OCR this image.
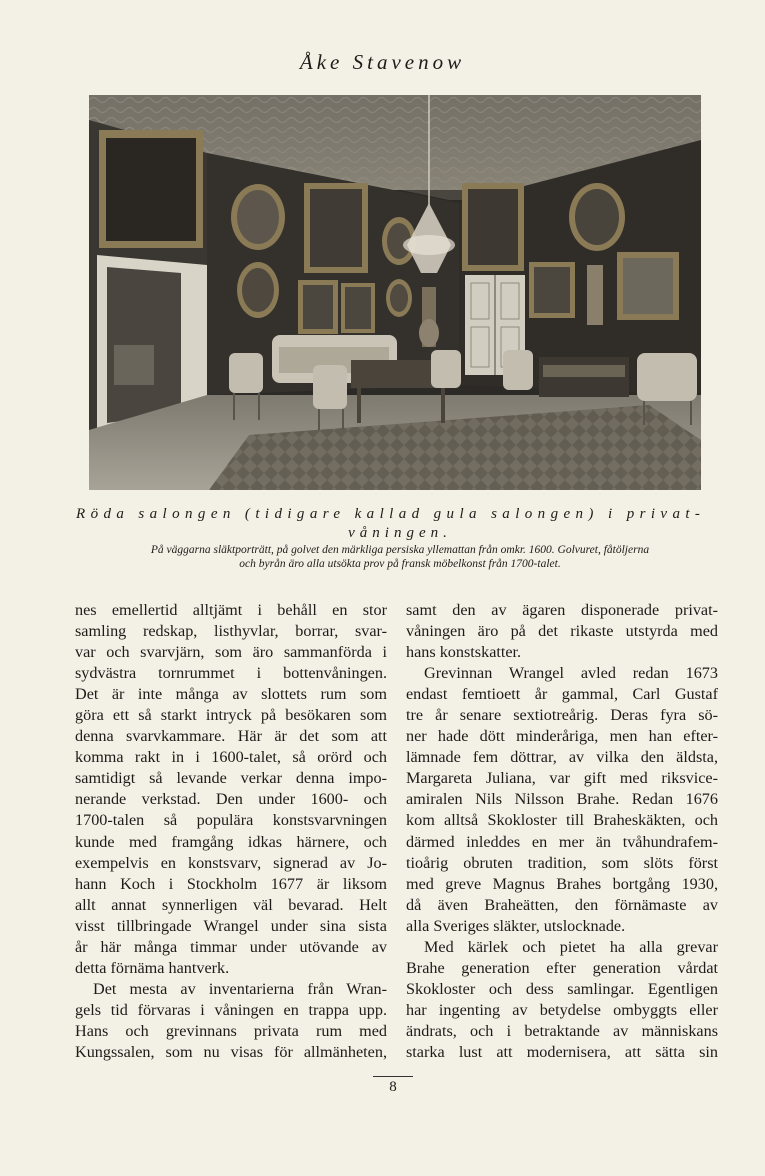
Åke Stavenow
Röda salongen (tidigare kallad gula salongen) i privat-
våningen.
På väggarna släktporträtt, på golvet den märkliga persiska yllemattan från omkr. 1600. Golvuret, fåtöljerna
och byrån äro alla utsökta prov på fransk möbelkonst från 1700-talet.
nes emellertid alltjämt i behåll en stor
samling redskap, listhyvlar, borrar, svar-
var och svarvjärn, som äro sammanförda i
sydvästra tornrummet i bottenvåningen.
Det är inte många av slottets rum som
göra ett så starkt intryck på besökaren som
denna svarvkammare. Här är det som att
komma rakt in i 1600-talet, så orörd och
samtidigt så levande verkar denna impo-
nerande verkstad. Den under 1600- och
1700-talen så populära konstsvarvningen
kunde med framgång idkas härnere, och
exempelvis en konstsvarv, signerad av Jo-
hann Koch i Stockholm 1677 är liksom
allt annat synnerligen väl bevarad. Helt
visst tillbringade Wrangel under sina sista
år här många timmar under utövande av
detta förnäma hantverk.
Det mesta av inventarierna från Wran-
gels tid förvaras i våningen en trappa upp.
Hans och grevinnans privata rum med
Kungssalen, som nu visas för allmänheten,
samt den av ägaren disponerade privat-
våningen äro på det rikaste utstyrda med
hans konstskatter.
Grevinnan Wrangel avled redan 1673
endast femtioett år gammal, Carl Gustaf
tre år senare sextiotreårig. Deras fyra sö-
ner hade dött minderåriga, men han efter-
lämnade fem döttrar, av vilka den äldsta,
Margareta Juliana, var gift med riksvice-
amiralen Nils Nilsson Brahe. Redan 1676
kom alltså Skokloster till Braheskäkten, och
därmed inleddes en mer än tvåhundrafem-
tioårig obruten tradition, som slöts först
med greve Magnus Brahes bortgång 1930,
då även Braheätten, den förnämaste av
alla Sveriges släkter, utslocknade.
Med kärlek och pietet ha alla grevar
Brahe generation efter generation vårdat
Skokloster och dess samlingar. Egentligen
har ingenting av betydelse ombyggts eller
ändrats, och i betraktande av människans
starka lust att modernisera, att sätta sin
8
